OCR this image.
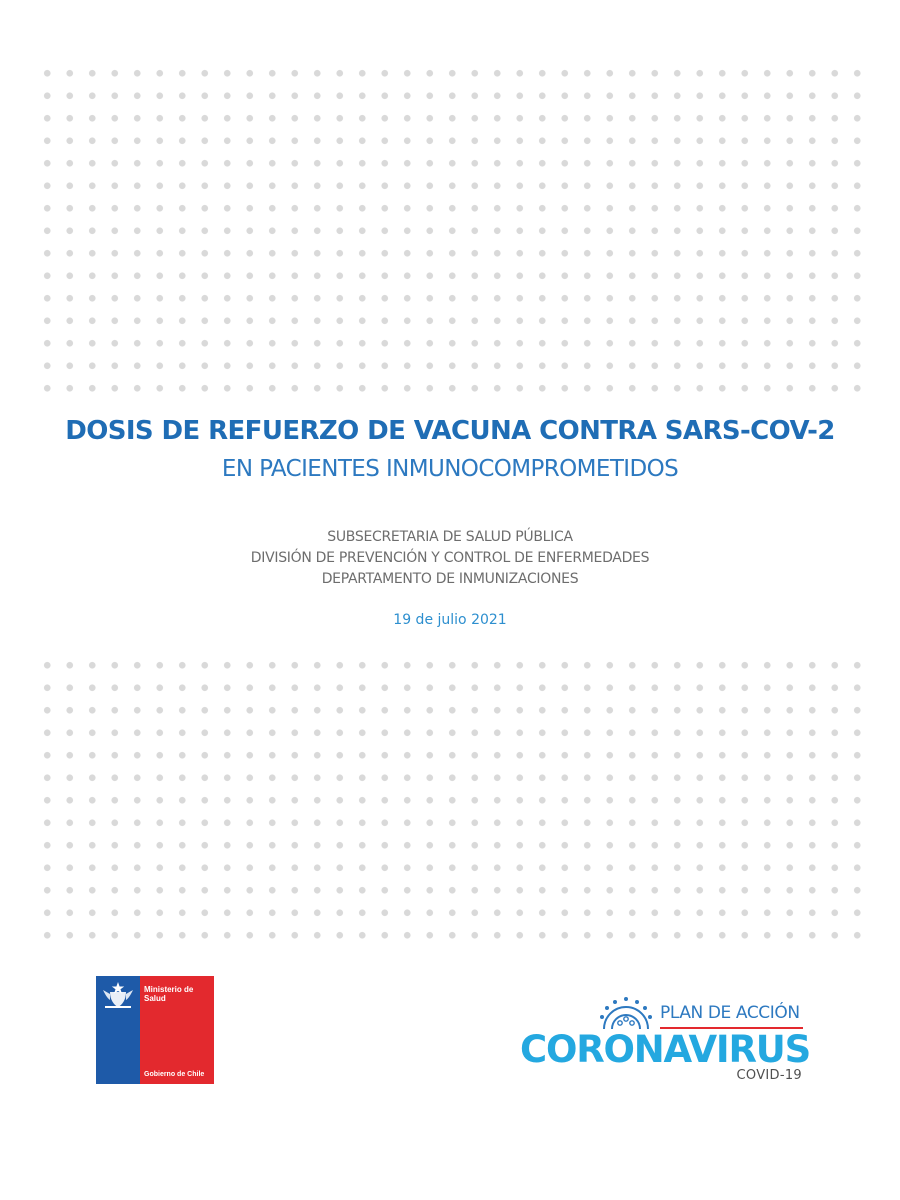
DOSIS DE REFUERZO DE VACUNA CONTRA SARS-COV-2
EN PACIENTES INMUNOCOMPROMETIDOS
SUBSECRETARIA DE SALUD PÚBLICA
DIVISIÓN DE PREVENCIÓN Y CONTROL DE ENFERMEDADES
DEPARTAMENTO DE INMUNIZACIONES
19 de julio 2021
Ministerio de Salud
Gobierno de Chile
PLAN DE ACCIÓN
CORONAVIRUS
COVID-19
